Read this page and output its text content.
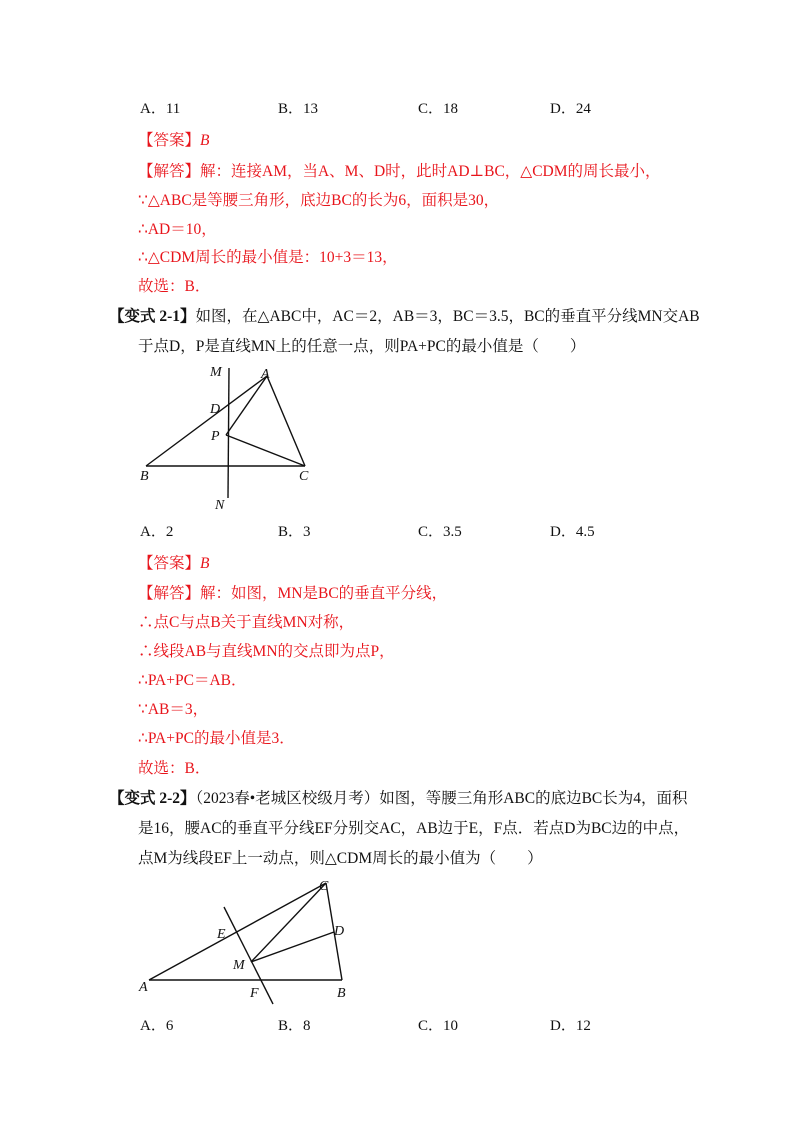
A．11	B．13	C．18	D．24
【答案】B
【解答】解：连接AM，当A、M、D时，此时AD⊥BC，△CDM的周长最小，
∵△ABC是等腰三角形，底边BC的长为6，面积是30，
∴AD＝10，
∴△CDM周长的最小值是：10+3＝13，
故选：B．
【变式 2-1】如图，在△ABC中，AC＝2，AB＝3，BC＝3.5，BC的垂直平分线MN交AB
于点D，P是直线MN上的任意一点，则PA+PC的最小值是（　　）
M	A
D
P
B	C
N
A．2	B．3	C．3.5	D．4.5
【答案】B
【解答】解：如图，MN是BC的垂直平分线，
∴点C与点B关于直线MN对称，
∴线段AB与直线MN的交点即为点P，
∴PA+PC＝AB．
∵AB＝3，
∴PA+PC的最小值是3．
故选：B．
【变式 2-2】（2023春•老城区校级月考）如图，等腰三角形ABC的底边BC长为4，面积
是16，腰AC的垂直平分线EF分别交AC，AB边于E，F点．若点D为BC边的中点，
点M为线段EF上一动点，则△CDM周长的最小值为（　　）
C
E	D
M
A	F	B
A．6	B．8	C．10	D．12
